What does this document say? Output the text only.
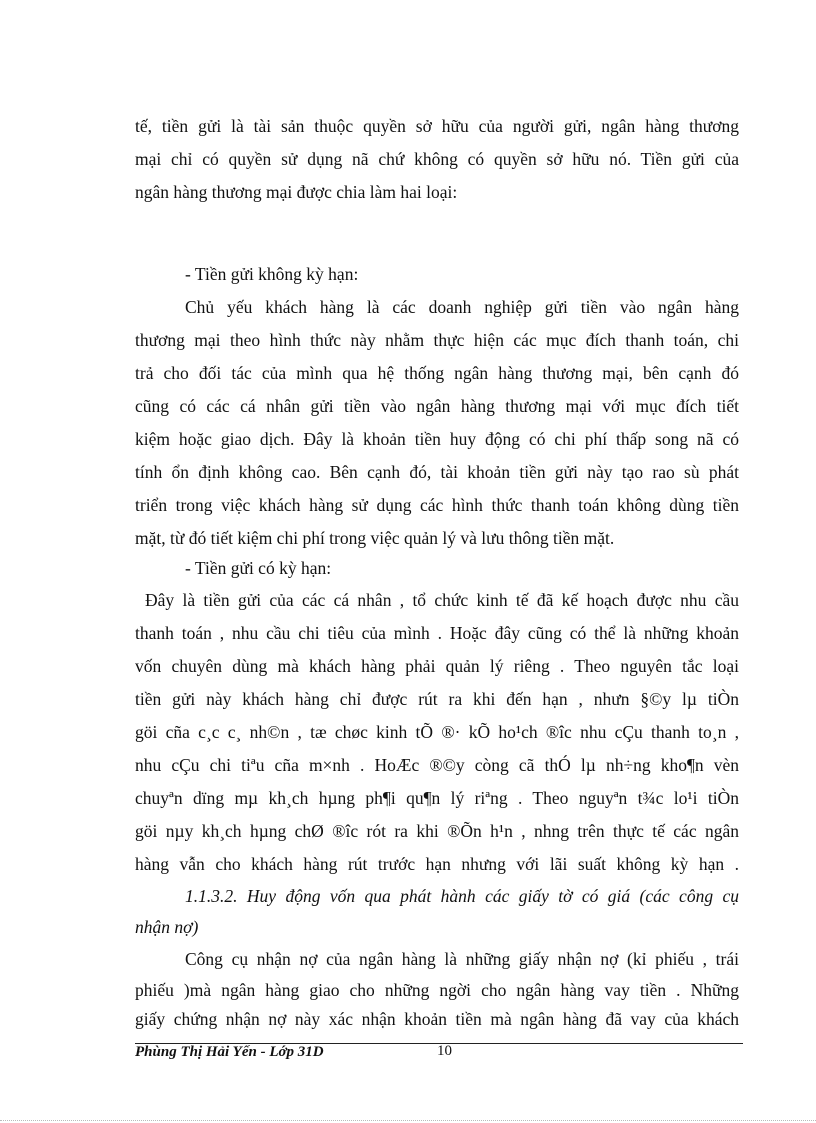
tế, tiền gửi là tài sản thuộc quyền sở hữu của người gửi, ngân hàng thương
mại chỉ có quyền sử dụng nã chứ không có quyền sở hữu nó. Tiền gửi của
ngân hàng thương mại được chia làm hai loại:
- Tiền gửi không kỳ hạn:
Chủ yếu khách hàng là các doanh nghiệp gửi tiền vào ngân hàng
thương mại theo hình thức này nhằm thực hiện các mục đích thanh toán, chi
trả cho đối tác của mình qua hệ thống ngân hàng thương mại, bên cạnh đó
cũng có các cá nhân gửi tiền vào ngân hàng thương mại với mục đích tiết
kiệm hoặc giao dịch. Đây là khoản tiền huy động có chi phí thấp song nã có
tính ổn định không cao. Bên cạnh đó, tài khoản tiền gửi này tạo rao sù phát
triển trong việc khách hàng sử dụng các hình thức thanh toán không dùng tiền
mặt, từ đó tiết kiệm chi phí trong việc quản lý và lưu thông tiền mặt.
- Tiền gửi có kỳ hạn:
Đây là tiền gửi của các cá nhân , tổ chức kinh tế đã kế hoạch được nhu cầu
thanh toán , nhu cầu chi tiêu của mình . Hoặc đây cũng có thể là những khoản
vốn chuyên dùng mà khách hàng phải quản lý riêng . Theo nguyên tắc loại
tiền gửi này khách hàng chỉ được rút ra khi đến hạn , nhưn §©y lµ tiÒn
göi cña c¸c c¸ nh©n , tæ chøc kinh tÕ ®· kÕ ho¹ch ®îc nhu cÇu thanh to¸n ,
nhu cÇu chi tiªu cña m×nh . HoÆc ®©y còng cã thÓ lµ nh÷ng kho¶n vèn
chuyªn dïng mµ kh¸ch hµng ph¶i qu¶n lý riªng . Theo nguyªn t¾c lo¹i tiÒn
göi nµy kh¸ch hµng chØ ®îc rót ra khi ®Õn h¹n , nhng trên thực tế các ngân
hàng vẫn cho khách hàng rút trước hạn nhưng với lãi suất không kỳ hạn .
1.1.3.2. Huy động vốn qua phát hành các giấy tờ có giá (các công cụ
nhận nợ)
Công cụ nhận nợ của ngân hàng là những giấy nhận nợ (kỉ phiếu , trái
phiếu )mà ngân hàng giao cho những ngời cho ngân hàng vay tiền . Những
giấy chứng nhận nợ này xác nhận khoản tiền mà ngân hàng đã vay của khách
Phùng Thị Hải Yến - Lớp 31D	10
